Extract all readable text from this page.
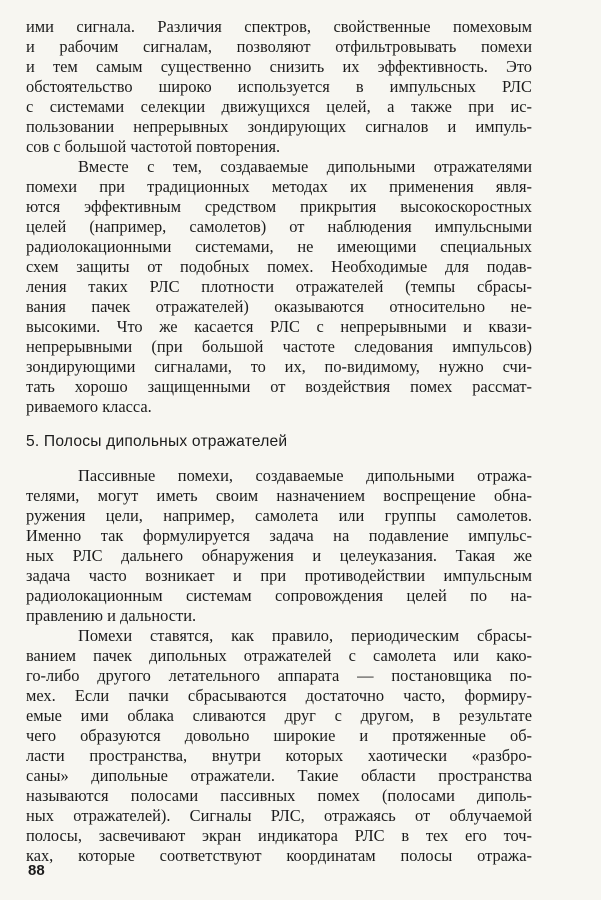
ими сигнала. Различия спектров, свойственные помеховым
и рабочим сигналам, позволяют отфильтровывать помехи
и тем самым существенно снизить их эффективность. Это
обстоятельство широко используется в импульсных РЛС
с системами селекции движущихся целей, а также при ис-
пользовании непрерывных зондирующих сигналов и импуль-
сов с большой частотой повторения.
Вместе с тем, создаваемые дипольными отражателями
помехи при традиционных методах их применения явля-
ются эффективным средством прикрытия высокоскоростных
целей (например, самолетов) от наблюдения импульсными
радиолокационными системами, не имеющими специальных
схем защиты от подобных помех. Необходимые для подав-
ления таких РЛС плотности отражателей (темпы сбрасы-
вания пачек отражателей) оказываются относительно не-
высокими. Что же касается РЛС с непрерывными и квази-
непрерывными (при большой частоте следования импульсов)
зондирующими сигналами, то их, по-видимому, нужно счи-
тать хорошо защищенными от воздействия помех рассмат-
риваемого класса.
5. Полосы дипольных отражателей
Пассивные помехи, создаваемые дипольными отража-
телями, могут иметь своим назначением воспрещение обна-
ружения цели, например, самолета или группы самолетов.
Именно так формулируется задача на подавление импульс-
ных РЛС дальнего обнаружения и целеуказания. Такая же
задача часто возникает и при противодействии импульсным
радиолокационным системам сопровождения целей по на-
правлению и дальности.
Помехи ставятся, как правило, периодическим сбрасы-
ванием пачек дипольных отражателей с самолета или како-
го-либо другого летательного аппарата — постановщика по-
мех. Если пачки сбрасываются достаточно часто, формиру-
емые ими облака сливаются друг с другом, в результате
чего образуются довольно широкие и протяженные об-
ласти пространства, внутри которых хаотически «разбро-
саны» дипольные отражатели. Такие области пространства
называются полосами пассивных помех (полосами диполь-
ных отражателей). Сигналы РЛС, отражаясь от облучаемой
полосы, засвечивают экран индикатора РЛС в тех его точ-
ках, которые соответствуют координатам полосы отража-
88
